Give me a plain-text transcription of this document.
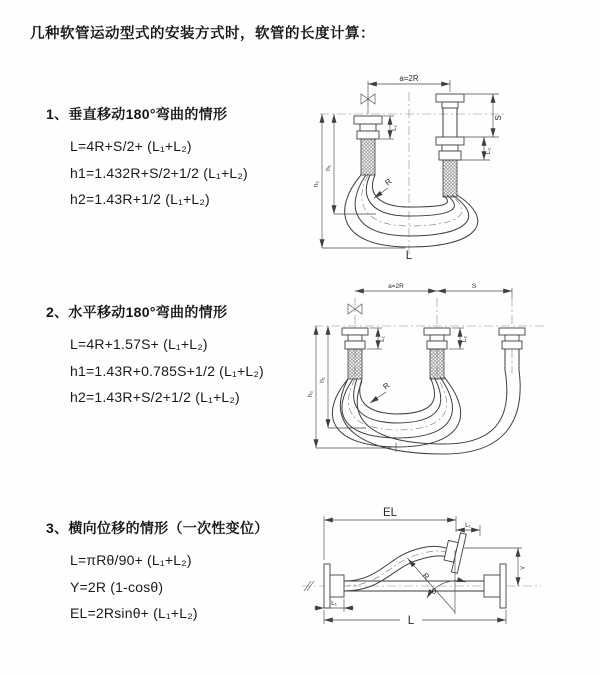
几种软管运动型式的安装方式时，软管的长度计算：
1、垂直移动180°弯曲的情形
L=4R+S/2+ (L₁+L₂)
h1=1.432R+S/2+1/2 (L₁+L₂)
h2=1.43R+1/2 (L₁+L₂)
2、水平移动180°弯曲的情形
L=4R+1.57S+ (L₁+L₂)
h1=1.43R+0.785S+1/2 (L₁+L₂)
h2=1.43R+S/2+1/2 (L₁+L₂)
3、横向位移的情形（一次性变位）
L=πRθ/90+ (L₁+L₂)
Y=2R (1-cosθ)
EL=2Rsinθ+ (L₁+L₂)
a=2R
S
L₂
L₁
h₂
h₁
R
L
a=2R	S
L₁	L₂
h₂
h₁
R
EL
L₁
Y
θ
R
L₁
L
